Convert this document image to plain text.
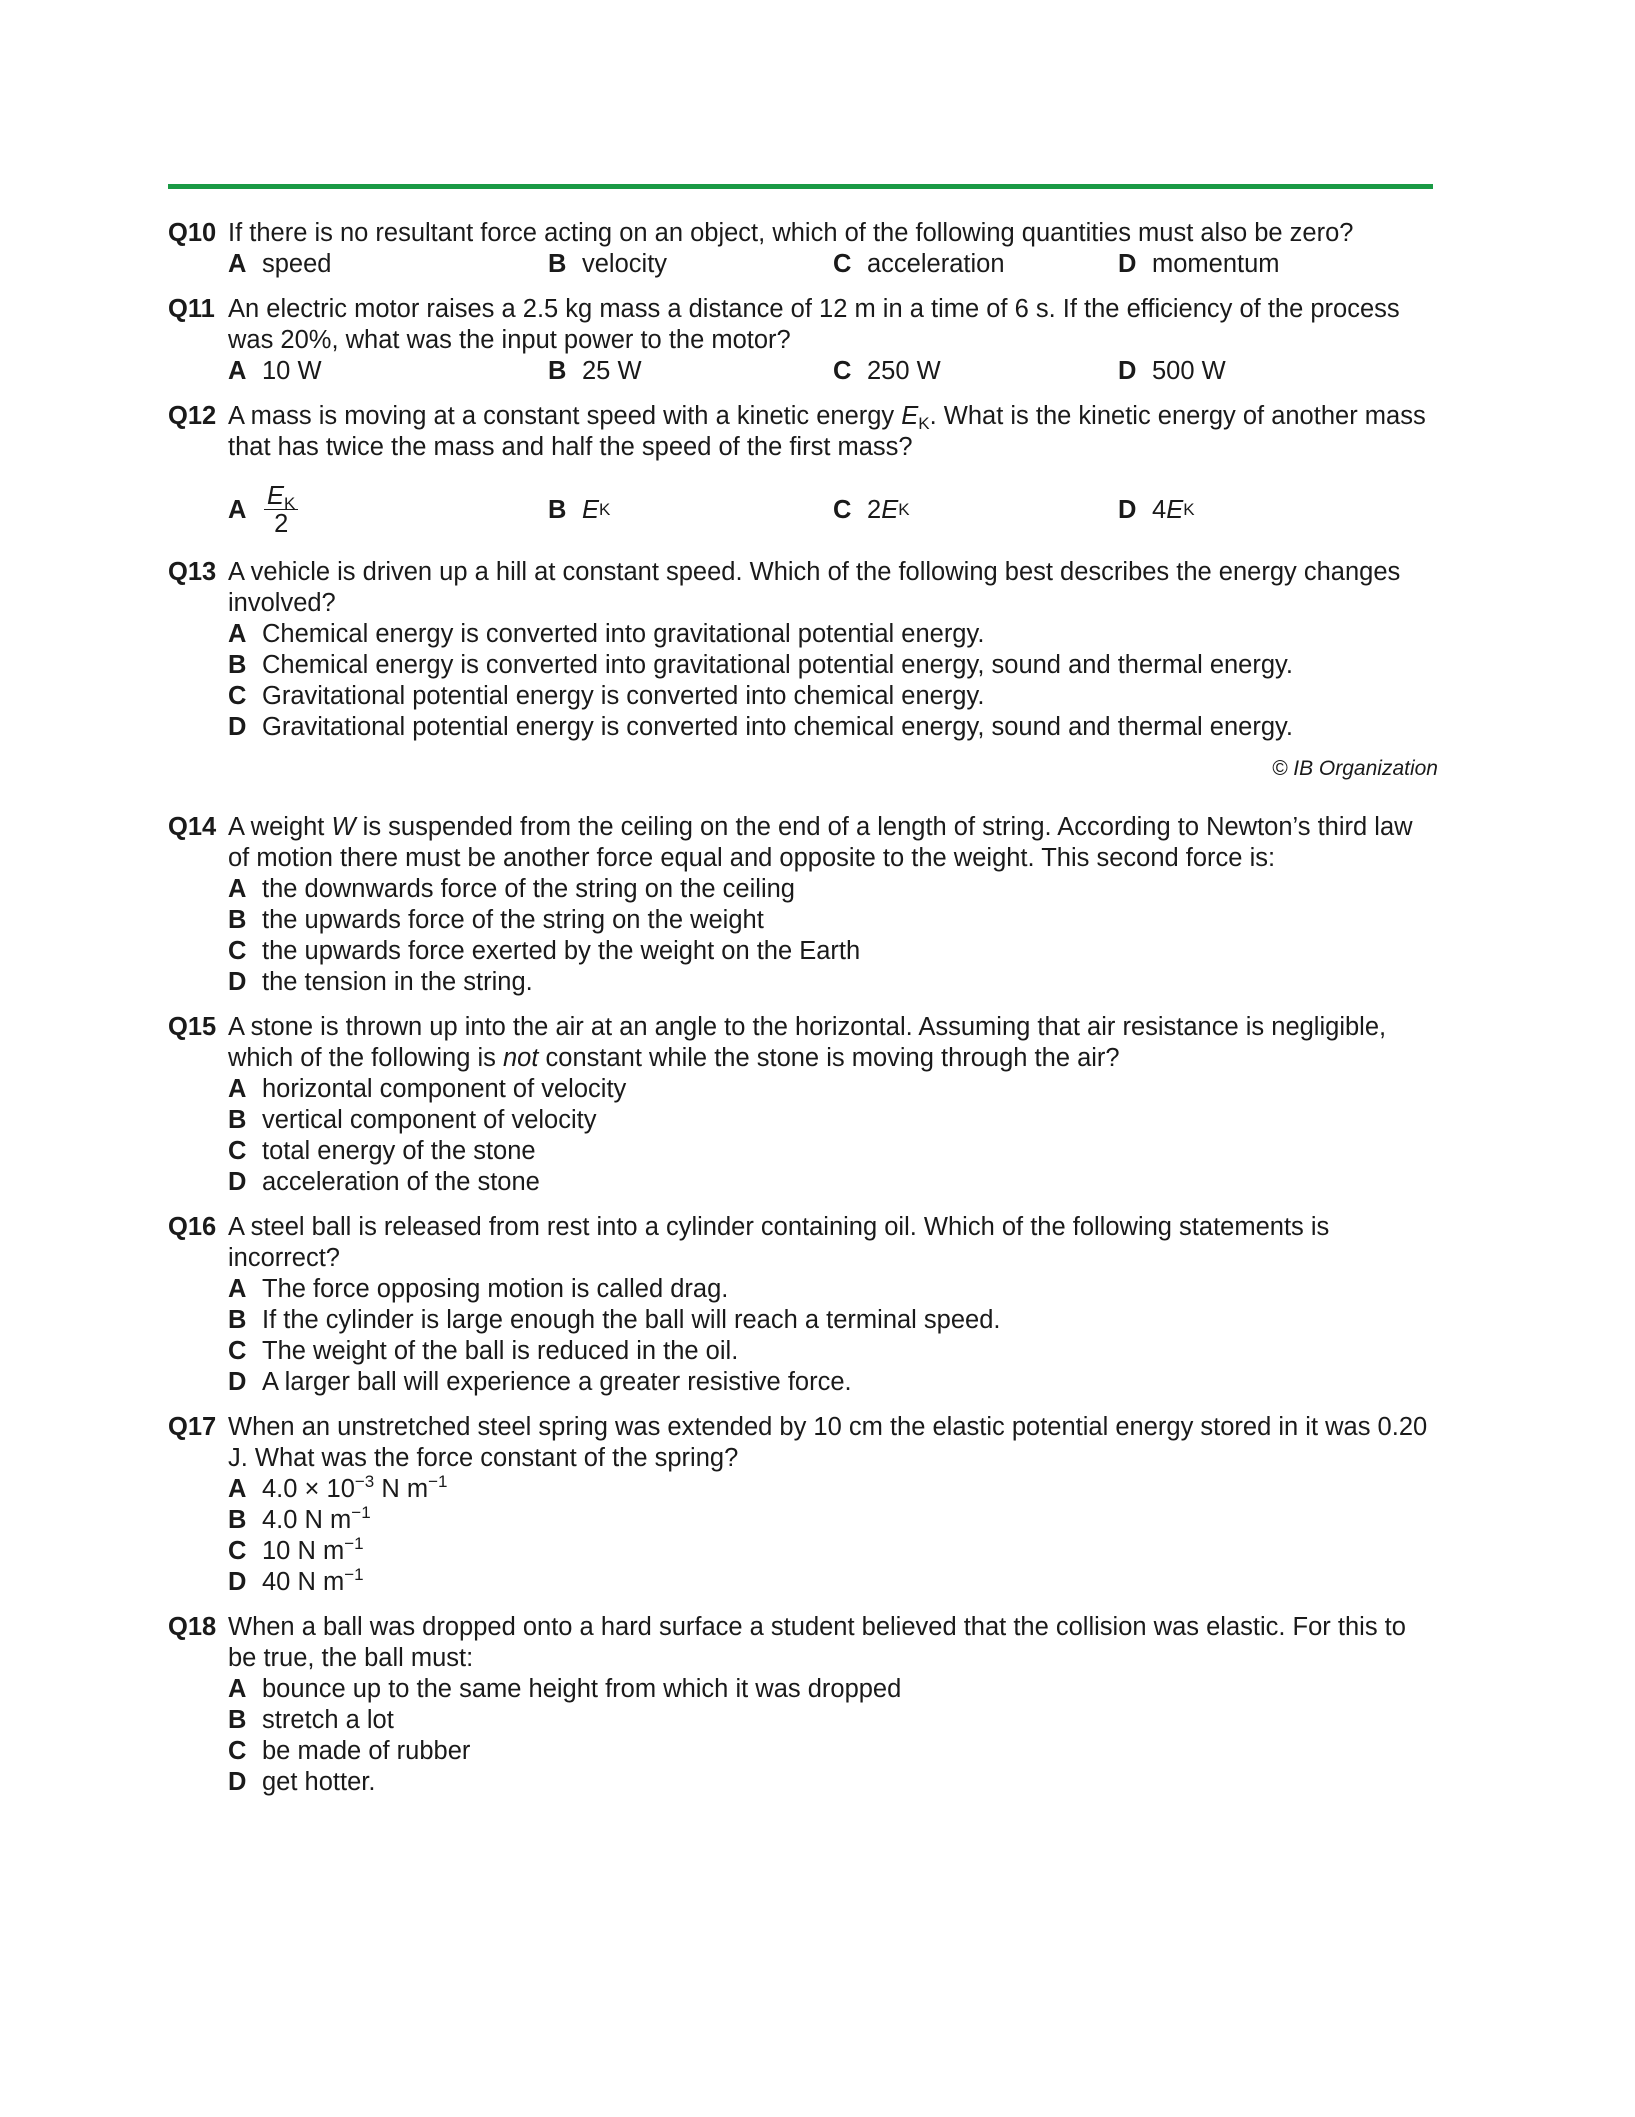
Q10 If there is no resultant force acting on an object, which of the following quantities must also be zero?
A speed	B velocity	C acceleration	D momentum
Q11 An electric motor raises a 2.5 kg mass a distance of 12 m in a time of 6 s. If the efficiency of the process was 20%, what was the input power to the motor?
A 10 W	B 25 W	C 250 W	D 500 W
Q12 A mass is moving at a constant speed with a kinetic energy $E_K$. What is the kinetic energy of another mass that has twice the mass and half the speed of the first mass?
A $\frac{E_K}{2}$	B E K	C 2 E K	D 4 E K
Q13 A vehicle is driven up a hill at constant speed. Which of the following best describes the energy changes involved?
A Chemical energy is converted into gravitational potential energy.
B Chemical energy is converted into gravitational potential energy, sound and thermal energy.
C Gravitational potential energy is converted into chemical energy.
D Gravitational potential energy is converted into chemical energy, sound and thermal energy.
© IB Organization
Q14 A weight W is suspended from the ceiling on the end of a length of string. According to Newton’s third law of motion there must be another force equal and opposite to the weight. This second force is:
A the downwards force of the string on the ceiling
B the upwards force of the string on the weight
C the upwards force exerted by the weight on the Earth
D the tension in the string.
Q15 A stone is thrown up into the air at an angle to the horizontal. Assuming that air resistance is negligible, which of the following is not constant while the stone is moving through the air?
A horizontal component of velocity
B vertical component of velocity
C total energy of the stone
D acceleration of the stone
Q16 A steel ball is released from rest into a cylinder containing oil. Which of the following statements is incorrect?
A The force opposing motion is called drag.
B If the cylinder is large enough the ball will reach a terminal speed.
C The weight of the ball is reduced in the oil.
D A larger ball will experience a greater resistive force.
Q17 When an unstretched steel spring was extended by 10 cm the elastic potential energy stored in it was 0.20 J. What was the force constant of the spring?
A $4.0 \times 10^{-3}$ N $m^{-1}$
B 4.0 N $m^{-1}$
C 10 N $m^{-1}$
D 40 N $m^{-1}$
Q18 When a ball was dropped onto a hard surface a student believed that the collision was elastic. For this to be true, the ball must:
A bounce up to the same height from which it was dropped
B stretch a lot
C be made of rubber
D get hotter.
